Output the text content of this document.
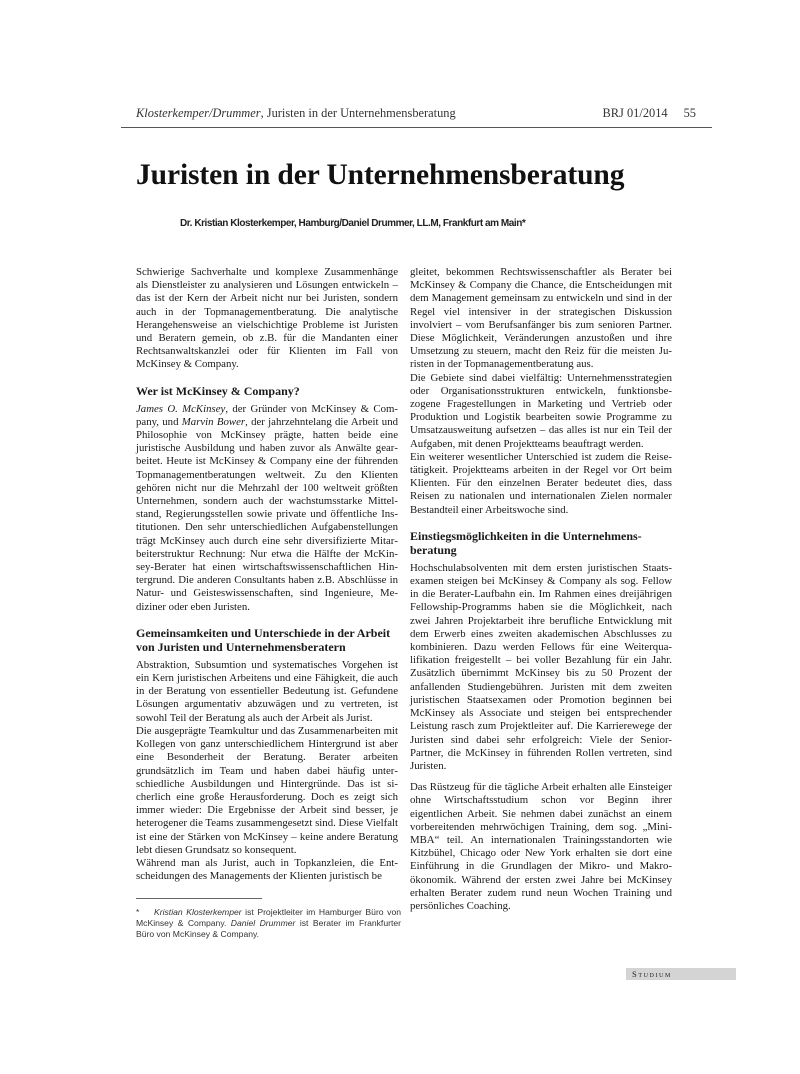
Klosterkemper/Drummer, Juristen in der Unternehmensberatung	BRJ 01/2014 55
Juristen in der Unternehmensberatung
Dr. Kristian Klosterkemper, Hamburg/Daniel Drummer, LL.M, Frankfurt am Main*

Schwierige Sachverhalte und komplexe Zusammenhänge als Dienstleister zu analysieren und Lösungen entwickeln – das ist der Kern der Arbeit nicht nur bei Juristen, sondern auch in der Topmanagementberatung. Die analytische Herangehensweise an vielschichtige Probleme ist Juristen und Beratern gemein, ob z.B. für die Mandanten einer Rechtsanwaltskanzlei oder für Klienten im Fall von McKinsey & Company.

Wer ist McKinsey & Company?

James O. McKinsey, der Gründer von McKinsey & Company, und Marvin Bower, der jahrzehntelang die Arbeit und Philosophie von McKinsey prägte, hatten beide eine juristische Ausbildung und haben zuvor als Anwälte gearbeitet. Heute ist McKinsey & Company eine der führenden Topmanagementberatungen weltweit. Zu den Klienten gehören nicht nur die Mehrzahl der 100 weltweit größten Unternehmen, sondern auch der wachstumsstarke Mittelstand, Regierungsstellen sowie private und öffentliche Institutionen. Den sehr unterschiedlichen Aufgabenstellungen trägt McKinsey auch durch eine sehr diversifizierte Mitarbeiterstruktur Rechnung: Nur etwa die Hälfte der McKinsey-Berater hat einen wirtschaftswissenschaftlichen Hintergrund. Die anderen Consultants haben z.B. Abschlüsse in Natur- und Geisteswissenschaften, sind Ingenieure, Mediziner oder eben Juristen.

Gemeinsamkeiten und Unterschiede in der Arbeit von Juristen und Unternehmensberatern

Abstraktion, Subsumtion und systematisches Vorgehen ist ein Kern juristischen Arbeitens und eine Fähigkeit, die auch in der Beratung von essentieller Bedeutung ist. Gefundene Lösungen argumentativ abzuwägen und zu vertreten, ist sowohl Teil der Beratung als auch der Arbeit als Jurist.

Die ausgeprägte Teamkultur und das Zusammenarbeiten mit Kollegen von ganz unterschiedlichem Hintergrund ist aber eine Besonderheit der Beratung. Berater arbeiten grundsätzlich im Team und haben dabei häufig unterschiedliche Ausbildungen und Hintergründe. Das ist sicherlich eine große Herausforderung. Doch es zeigt sich immer wieder: Die Ergebnisse der Arbeit sind besser, je heterogener die Teams zusammengesetzt sind. Diese Vielfalt ist eine der Stärken von McKinsey – keine andere Beratung lebt diesen Grundsatz so konsequent.

Während man als Jurist, auch in Topkanzleien, die Entscheidungen des Managements der Klienten juristisch be

* Kristian Klosterkemper ist Projektleiter im Hamburger Büro von McKinsey & Company. Daniel Drummer ist Berater im Frankfurter Büro von McKinsey & Company.

gleitet, bekommen Rechtswissenschaftler als Berater bei McKinsey & Company die Chance, die Entscheidungen mit dem Management gemeinsam zu entwickeln und sind in der Regel viel intensiver in der strategischen Diskussion involviert – vom Berufsanfänger bis zum senioren Partner. Diese Möglichkeit, Veränderungen anzustoßen und ihre Umsetzung zu steuern, macht den Reiz für die meisten Juristen in der Topmanagementberatung aus.

Die Gebiete sind dabei vielfältig: Unternehmensstrategien oder Organisationsstrukturen entwickeln, funktionsbezogene Fragestellungen in Marketing und Vertrieb oder Produktion und Logistik bearbeiten sowie Programme zu Umsatzausweitung aufsetzen – das alles ist nur ein Teil der Aufgaben, mit denen Projektteams beauftragt werden.

Ein weiterer wesentlicher Unterschied ist zudem die Reisetätigkeit. Projektteams arbeiten in der Regel vor Ort beim Klienten. Für den einzelnen Berater bedeutet dies, dass Reisen zu nationalen und internationalen Zielen normaler Bestandteil einer Arbeitswoche sind.

Einstiegsmöglichkeiten in die Unternehmensberatung

Hochschulabsolventen mit dem ersten juristischen Staatsexamen steigen bei McKinsey & Company als sog. Fellow in die Berater-Laufbahn ein. Im Rahmen eines dreijährigen Fellowship-Programms haben sie die Möglichkeit, nach zwei Jahren Projektarbeit ihre berufliche Entwicklung mit dem Erwerb eines zweiten akademischen Abschlusses zu kombinieren. Dazu werden Fellows für eine Weiterqualifikation freigestellt – bei voller Bezahlung für ein Jahr. Zusätzlich übernimmt McKinsey bis zu 50 Prozent der anfallenden Studiengebühren. Juristen mit dem zweiten juristischen Staatsexamen oder Promotion beginnen bei McKinsey als Associate und steigen bei entsprechender Leistung rasch zum Projektleiter auf. Die Karrierewege der Juristen sind dabei sehr erfolgreich: Viele der Senior-Partner, die McKinsey in führenden Rollen vertreten, sind Juristen.

Das Rüstzeug für die tägliche Arbeit erhalten alle Einsteiger ohne Wirtschaftsstudium schon vor Beginn ihrer eigentlichen Arbeit. Sie nehmen dabei zunächst an einem vorbereitenden mehrwöchigen Training, dem sog. „Mini-MBA“ teil. An internationalen Trainingsstandorten wie Kitzbühel, Chicago oder New York erhalten sie dort eine Einführung in die Grundlagen der Mikro- und Makroökonomik. Während der ersten zwei Jahre bei McKinsey erhalten Berater zudem rund neun Wochen Training und persönliches Coaching.

Studium
